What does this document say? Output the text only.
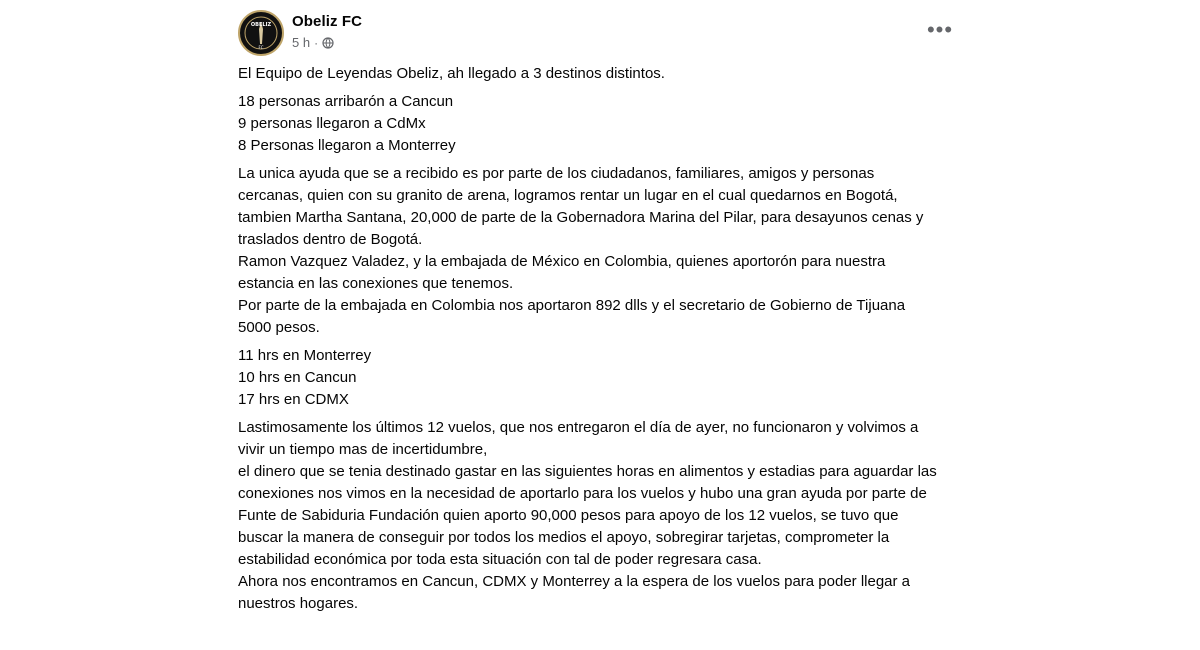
OBELIZ
FC
Obeliz FC
5 h ·
•••

El Equipo de Leyendas Obeliz, ah llegado a 3 destinos distintos.

18 personas arribarón a Cancun
9 personas llegaron a CdMx
8 Personas llegaron a Monterrey

La unica ayuda que se a recibido es por parte de los ciudadanos, familiares, amigos y personas cercanas, quien con su granito de arena, logramos rentar un lugar en el cual quedarnos en Bogotá, tambien Martha Santana, 20,000 de parte de la Gobernadora Marina del Pilar, para desayunos cenas y traslados dentro de Bogotá.
Ramon Vazquez Valadez, y la embajada de México en Colombia, quienes aportorón para nuestra estancia en las conexiones que tenemos.
Por parte de la embajada en Colombia nos aportaron 892 dlls y el secretario de Gobierno de Tijuana 5000 pesos.

11 hrs en Monterrey
10 hrs en Cancun
17 hrs en CDMX

Lastimosamente los últimos 12 vuelos, que nos entregaron el día de ayer, no funcionaron y volvimos a vivir un tiempo mas de incertidumbre,
el dinero que se tenia destinado gastar en las siguientes horas en alimentos y estadias para aguardar las conexiones nos vimos en la necesidad de aportarlo para los vuelos y hubo una gran ayuda por parte de Funte de Sabiduria Fundación quien aporto 90,000 pesos para apoyo de los 12 vuelos, se tuvo que buscar la manera de conseguir por todos los medios el apoyo, sobregirar tarjetas, comprometer la estabilidad económica por toda esta situación con tal de poder regresara casa.
Ahora nos encontramos en Cancun, CDMX y Monterrey a la espera de los vuelos para poder llegar a nuestros hogares.
